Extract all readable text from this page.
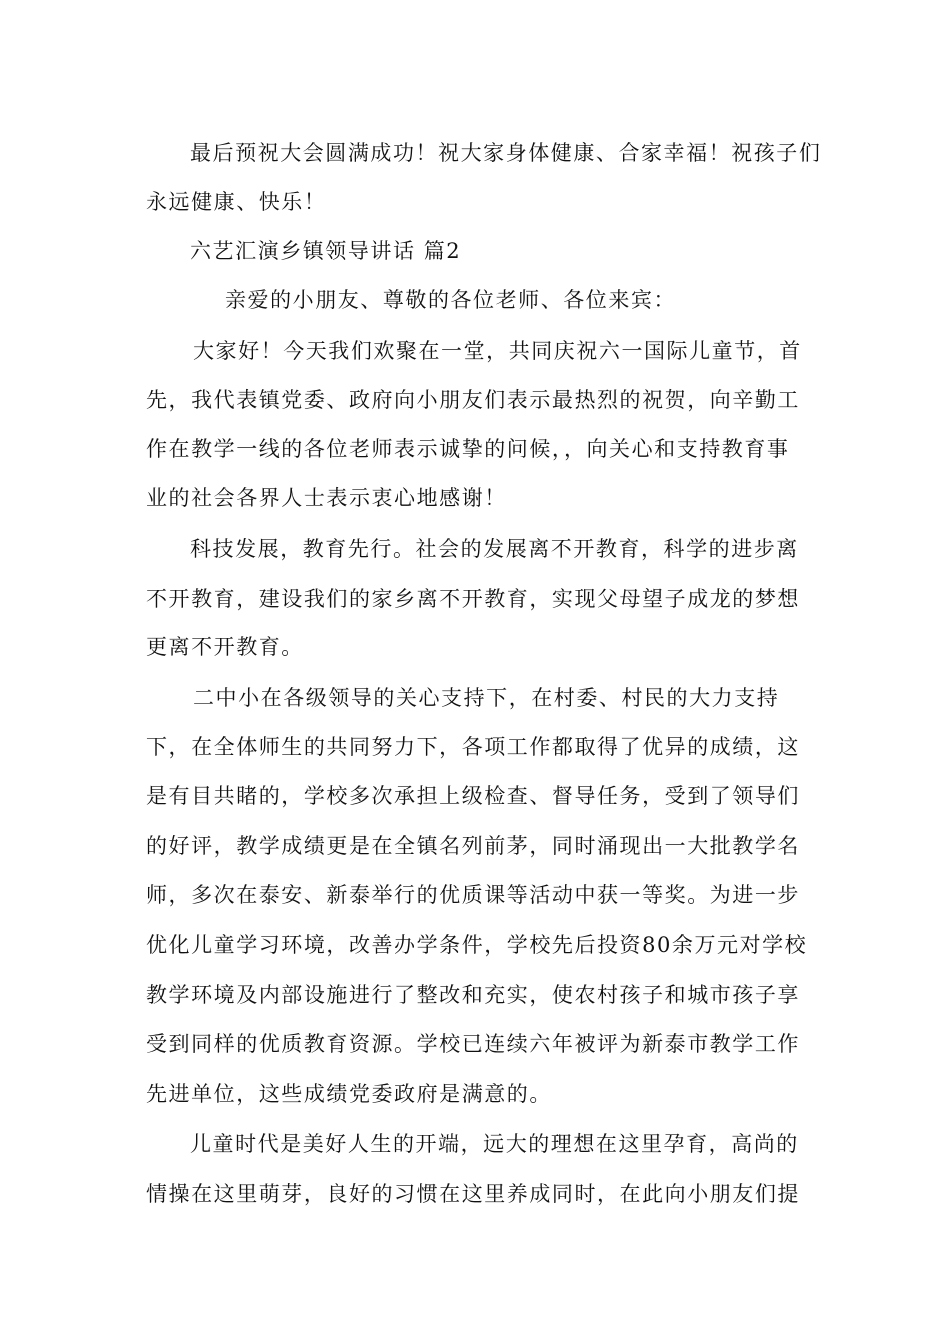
最后预祝大会圆满成功！祝大家身体健康、合家幸福！祝孩子们
永远健康、快乐！
六艺汇演乡镇领导讲话 篇2
亲爱的小朋友、尊敬的各位老师、各位来宾：
大家好！今天我们欢聚在一堂，共同庆祝六一国际儿童节，首
先，我代表镇党委、政府向小朋友们表示最热烈的祝贺，向辛勤工
作在教学一线的各位老师表示诚挚的问候，，向关心和支持教育事
业的社会各界人士表示衷心地感谢！
科技发展，教育先行。社会的发展离不开教育，科学的进步离
不开教育，建设我们的家乡离不开教育，实现父母望子成龙的梦想
更离不开教育。
二中小在各级领导的关心支持下，在村委、村民的大力支持
下，在全体师生的共同努力下，各项工作都取得了优异的成绩，这
是有目共睹的，学校多次承担上级检查、督导任务，受到了领导们
的好评，教学成绩更是在全镇名列前茅，同时涌现出一大批教学名
师，多次在泰安、新泰举行的优质课等活动中获一等奖。为进一步
优化儿童学习环境，改善办学条件，学校先后投资80余万元对学校
教学环境及内部设施进行了整改和充实，使农村孩子和城市孩子享
受到同样的优质教育资源。学校已连续六年被评为新泰市教学工作
先进单位，这些成绩党委政府是满意的。
儿童时代是美好人生的开端，远大的理想在这里孕育，高尚的
情操在这里萌芽，良好的习惯在这里养成同时，在此向小朋友们提
